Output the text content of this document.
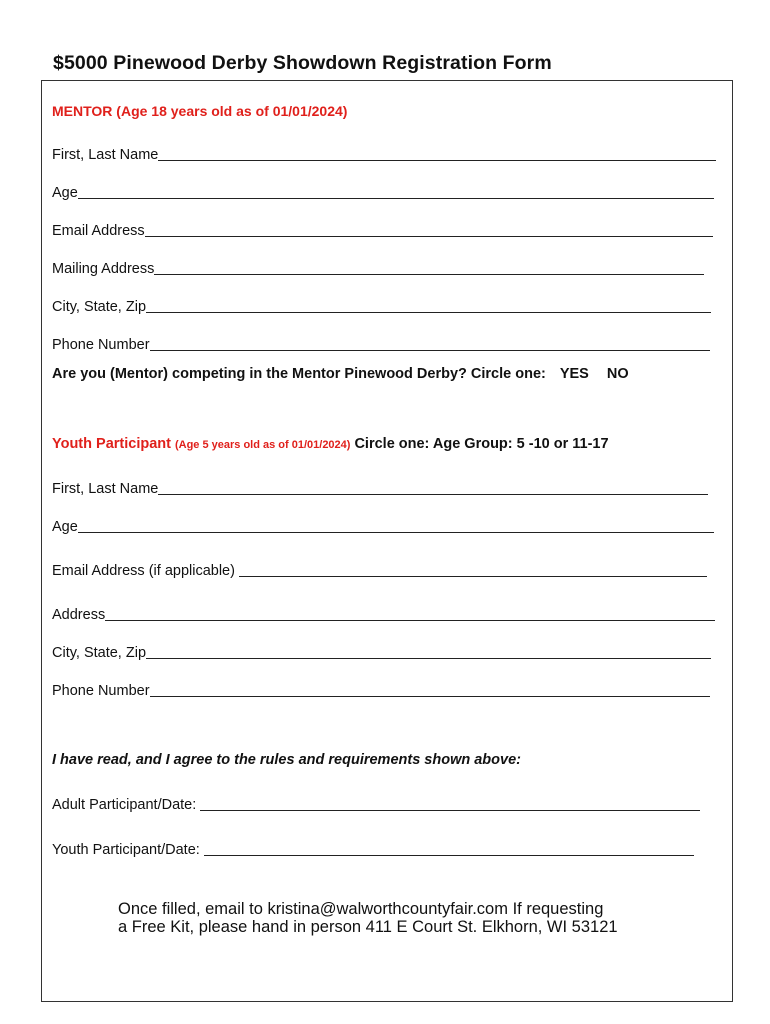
$5000 Pinewood Derby Showdown Registration Form
MENTOR (Age 18 years old as of 01/01/2024)
First, Last Name
Age
Email Address
Mailing Address
City, State, Zip
Phone Number
Are you (Mentor) competing in the Mentor Pinewood Derby? Circle one: YES NO
Youth Participant (Age 5 years old as of 01/01/2024) Circle one: Age Group: 5 -10 or 11-17
First, Last Name
Age
Email Address (if applicable)
Address
City, State, Zip
Phone Number
I have read, and I agree to the rules and requirements shown above:
Adult Participant/Date:
Youth Participant/Date:
Once filled, email to kristina@walworthcountyfair.com If requesting
a Free Kit, please hand in person 411 E Court St. Elkhorn, WI 53121
